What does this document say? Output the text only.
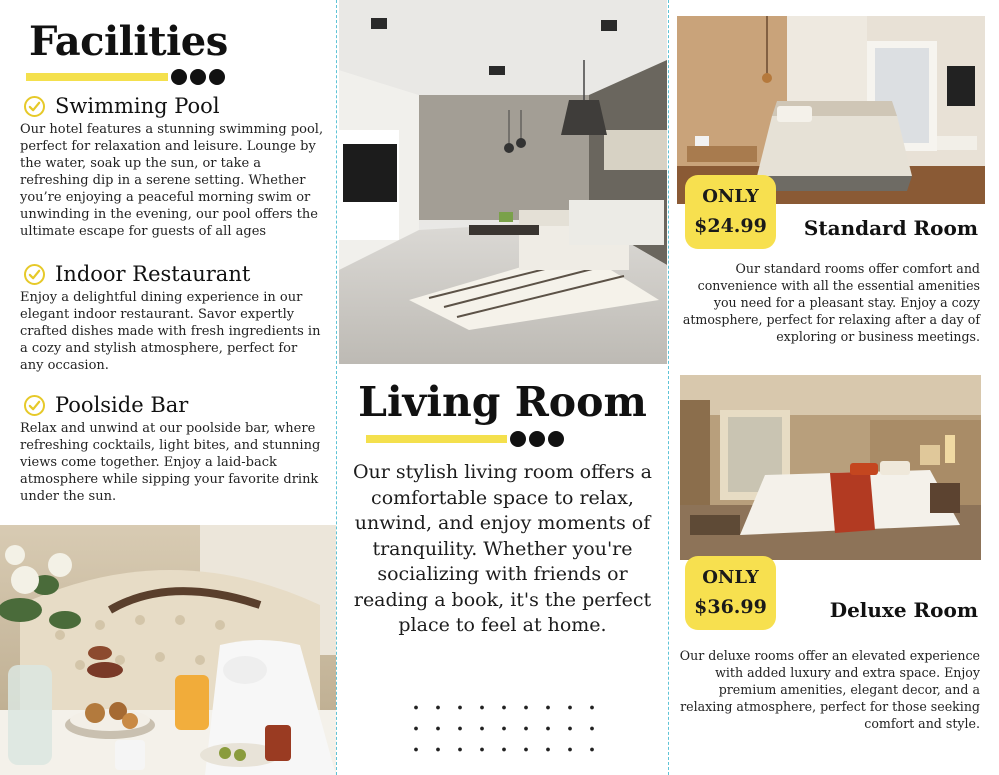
Facilities
Swimming Pool

Our hotel features a stunning swimming pool, perfect for relaxation and leisure. Lounge by the water, soak up the sun, or take a refreshing dip in a serene setting. Whether you’re enjoying a peaceful morning swim or unwinding in the evening, our pool offers the ultimate escape for guests of all ages

Indoor Restaurant

Enjoy a delightful dining experience in our elegant indoor restaurant. Savor expertly crafted dishes made with fresh ingredients in a cozy and stylish atmosphere, perfect for any occasion.

Poolside Bar

Relax and unwind at our poolside bar, where refreshing cocktails, light bites, and stunning views come together. Enjoy a laid-back atmosphere while sipping your favorite drink under the sun.

Living Room

Our stylish living room offers a comfortable space to relax, unwind, and enjoy moments of tranquility. Whether you're socializing with friends or reading a book, it's the perfect place to feel at home.

ONLY
$24.99 Standard Room

Our standard rooms offer comfort and convenience with all the essential amenities you need for a pleasant stay. Enjoy a cozy atmosphere, perfect for relaxing after a day of exploring or business meetings.

ONLY
$36.99	Deluxe Room

Our deluxe rooms offer an elevated experience with added luxury and extra space. Enjoy premium amenities, elegant decor, and a relaxing atmosphere, perfect for those seeking comfort and style.
